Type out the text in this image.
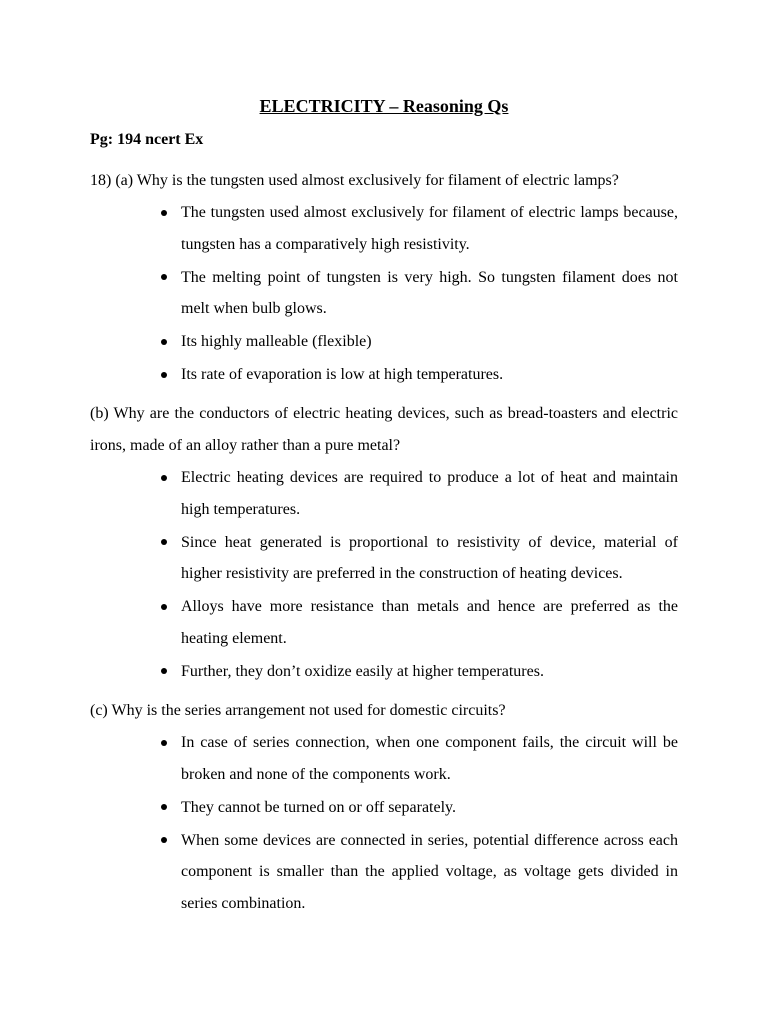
ELECTRICITY – Reasoning Qs
Pg: 194 ncert Ex
18) (a) Why is the tungsten used almost exclusively for filament of electric lamps?
The tungsten used almost exclusively for filament of electric lamps because, tungsten has a comparatively high resistivity.
The melting point of tungsten is very high. So tungsten filament does not melt when bulb glows.
Its highly malleable (flexible)
Its rate of evaporation is low at high temperatures.
(b) Why are the conductors of electric heating devices, such as bread-toasters and electric irons, made of an alloy rather than a pure metal?
Electric heating devices are required to produce a lot of heat and maintain high temperatures.
Since heat generated is proportional to resistivity of device, material of higher resistivity are preferred in the construction of heating devices.
Alloys have more resistance than metals and hence are preferred as the heating element.
Further, they don’t oxidize easily at higher temperatures.
(c) Why is the series arrangement not used for domestic circuits?
In case of series connection, when one component fails, the circuit will be broken and none of the components work.
They cannot be turned on or off separately.
When some devices are connected in series, potential difference across each component is smaller than the applied voltage, as voltage gets divided in series combination.
